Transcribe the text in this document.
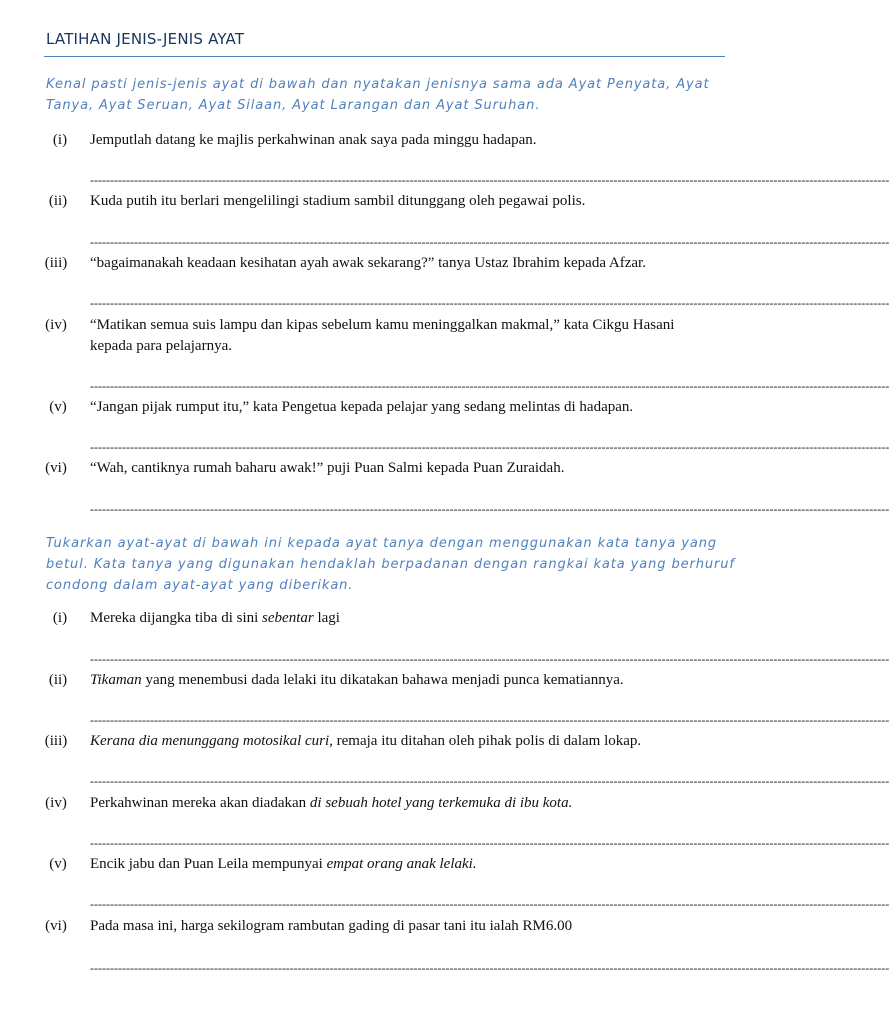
LATIHAN JENIS-JENIS AYAT
Kenal pasti jenis-jenis ayat di bawah dan nyatakan jenisnya sama ada Ayat Penyata, Ayat Tanya, Ayat Seruan, Ayat Silaan, Ayat Larangan dan Ayat Suruhan.
(i)	Jemputlah datang ke majlis perkahwinan anak saya pada minggu hadapan.
--------------------------------------------------------------------------------------------------------------------------------------------------------------------------------------------------------
(ii)	Kuda putih itu berlari mengelilingi stadium sambil ditunggang oleh pegawai polis.
--------------------------------------------------------------------------------------------------------------------------------------------------------------------------------------------------------
(iii)	“bagaimanakah keadaan kesihatan ayah awak sekarang?” tanya Ustaz Ibrahim kepada Afzar.
--------------------------------------------------------------------------------------------------------------------------------------------------------------------------------------------------------
(iv)	“Matikan semua suis lampu dan kipas sebelum kamu meninggalkan makmal,” kata Cikgu Hasani kepada para pelajarnya.
--------------------------------------------------------------------------------------------------------------------------------------------------------------------------------------------------------
(v)	“Jangan pijak rumput itu,” kata Pengetua kepada pelajar yang sedang melintas di hadapan.
--------------------------------------------------------------------------------------------------------------------------------------------------------------------------------------------------------
(vi)	“Wah, cantiknya rumah baharu awak!” puji Puan Salmi kepada Puan Zuraidah.
--------------------------------------------------------------------------------------------------------------------------------------------------------------------------------------------------------
Tukarkan ayat-ayat di bawah ini kepada ayat tanya dengan menggunakan kata tanya yang betul. Kata tanya yang digunakan hendaklah berpadanan dengan rangkai kata yang berhuruf condong dalam ayat-ayat yang diberikan.
(i)	Mereka dijangka tiba di sini sebentar lagi
--------------------------------------------------------------------------------------------------------------------------------------------------------------------------------------------------------
(ii)	Tikaman yang menembusi dada lelaki itu dikatakan bahawa menjadi punca kematiannya.
--------------------------------------------------------------------------------------------------------------------------------------------------------------------------------------------------------
(iii)	Kerana dia menunggang motosikal curi, remaja itu ditahan oleh pihak polis di dalam lokap.
--------------------------------------------------------------------------------------------------------------------------------------------------------------------------------------------------------
(iv)	Perkahwinan mereka akan diadakan di sebuah hotel yang terkemuka di ibu kota.
--------------------------------------------------------------------------------------------------------------------------------------------------------------------------------------------------------
(v)	Encik jabu dan Puan Leila mempunyai empat orang anak lelaki.
--------------------------------------------------------------------------------------------------------------------------------------------------------------------------------------------------------
(vi)	Pada masa ini, harga sekilogram rambutan gading di pasar tani itu ialah RM6.00
--------------------------------------------------------------------------------------------------------------------------------------------------------------------------------------------------------
